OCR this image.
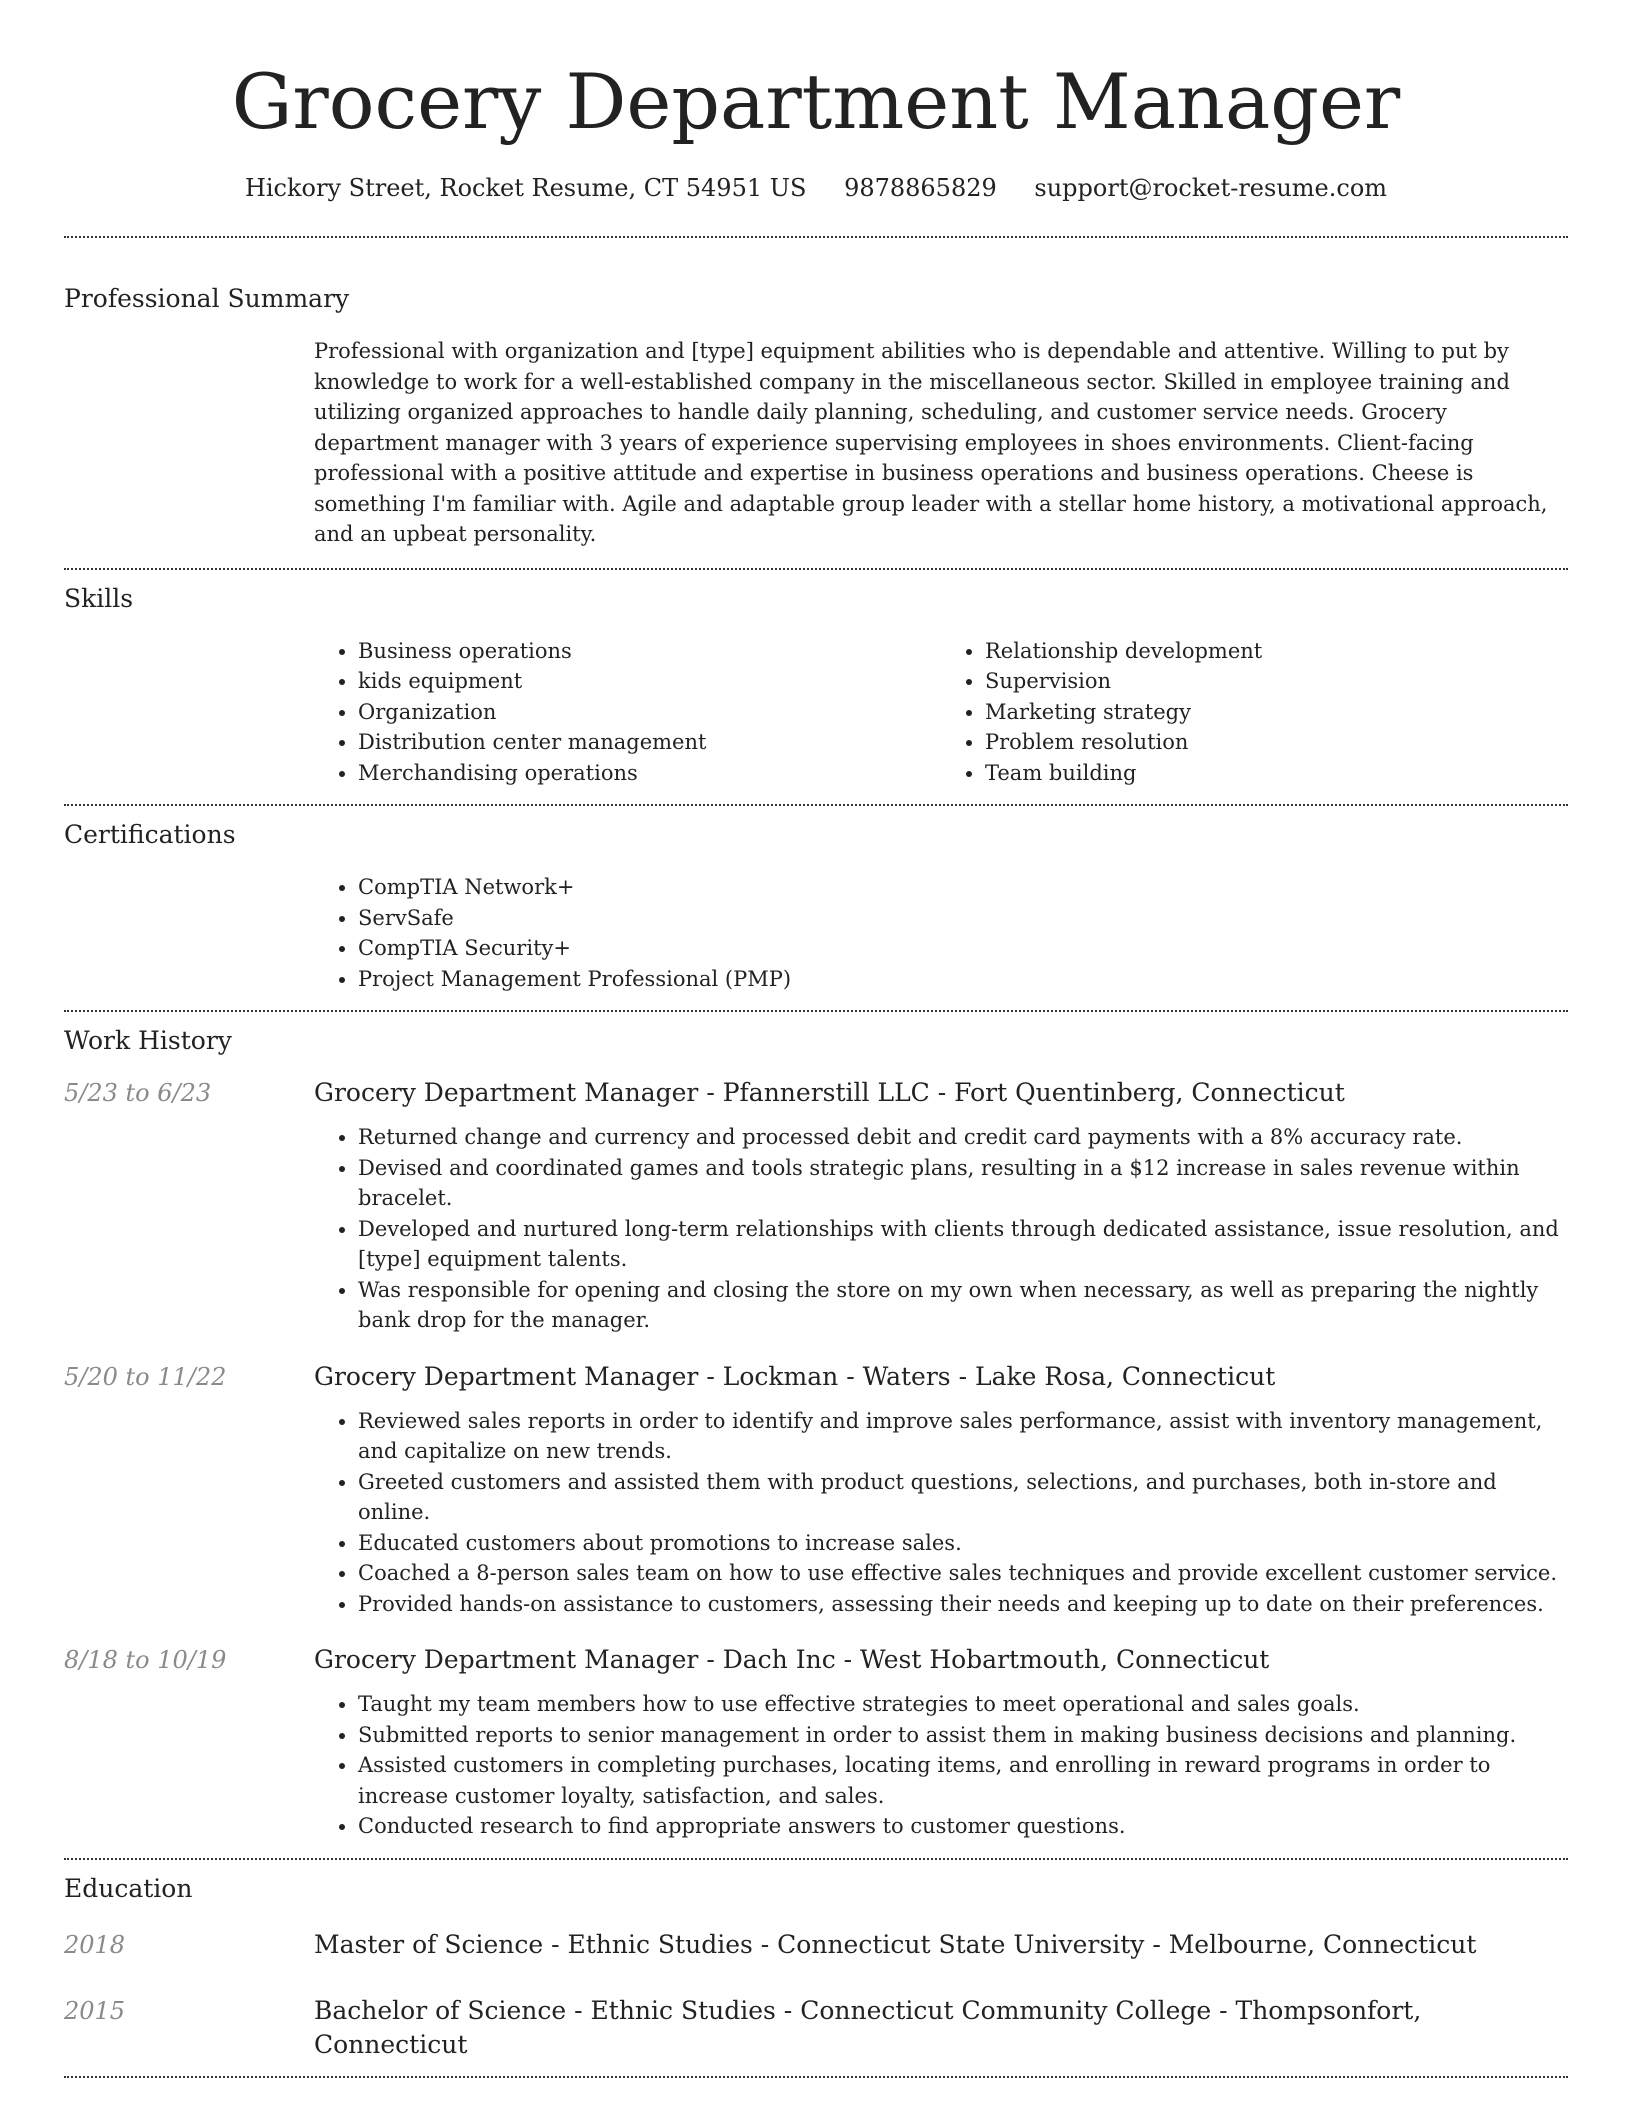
Grocery Department Manager
Hickory Street, Rocket Resume, CT 54951 US 9878865829 support@rocket-resume.com
Professional Summary
Professional with organization and [type] equipment abilities who is dependable and attentive. Willing to put by knowledge to work for a well-established company in the miscellaneous sector. Skilled in employee training and utilizing organized approaches to handle daily planning, scheduling, and customer service needs. Grocery department manager with 3 years of experience supervising employees in shoes environments. Client-facing professional with a positive attitude and expertise in business operations and business operations. Cheese is something I'm familiar with. Agile and adaptable group leader with a stellar home history, a motivational approach, and an upbeat personality.
Skills
• Business operations
• kids equipment
• Organization
• Distribution center management
• Merchandising operations
• Relationship development
• Supervision
• Marketing strategy
• Problem resolution
• Team building
Certifications
• CompTIA Network+
• ServSafe
• CompTIA Security+
• Project Management Professional (PMP)
Work History
5/23 to 6/23	Grocery Department Manager - Pfannerstill LLC - Fort Quentinberg, Connecticut
• Returned change and currency and processed debit and credit card payments with a 8% accuracy rate.
• Devised and coordinated games and tools strategic plans, resulting in a $12 increase in sales revenue within bracelet.
• Developed and nurtured long-term relationships with clients through dedicated assistance, issue resolution, and [type] equipment talents.
• Was responsible for opening and closing the store on my own when necessary, as well as preparing the nightly bank drop for the manager.
5/20 to 11/22	Grocery Department Manager - Lockman - Waters - Lake Rosa, Connecticut
• Reviewed sales reports in order to identify and improve sales performance, assist with inventory management, and capitalize on new trends.
• Greeted customers and assisted them with product questions, selections, and purchases, both in-store and online.
• Educated customers about promotions to increase sales.
• Coached a 8-person sales team on how to use effective sales techniques and provide excellent customer service.
• Provided hands-on assistance to customers, assessing their needs and keeping up to date on their preferences.
8/18 to 10/19	Grocery Department Manager - Dach Inc - West Hobartmouth, Connecticut
• Taught my team members how to use effective strategies to meet operational and sales goals.
• Submitted reports to senior management in order to assist them in making business decisions and planning.
• Assisted customers in completing purchases, locating items, and enrolling in reward programs in order to increase customer loyalty, satisfaction, and sales.
• Conducted research to find appropriate answers to customer questions.
Education
2018	Master of Science - Ethnic Studies - Connecticut State University - Melbourne, Connecticut
2015	Bachelor of Science - Ethnic Studies - Connecticut Community College - Thompsonfort, Connecticut
